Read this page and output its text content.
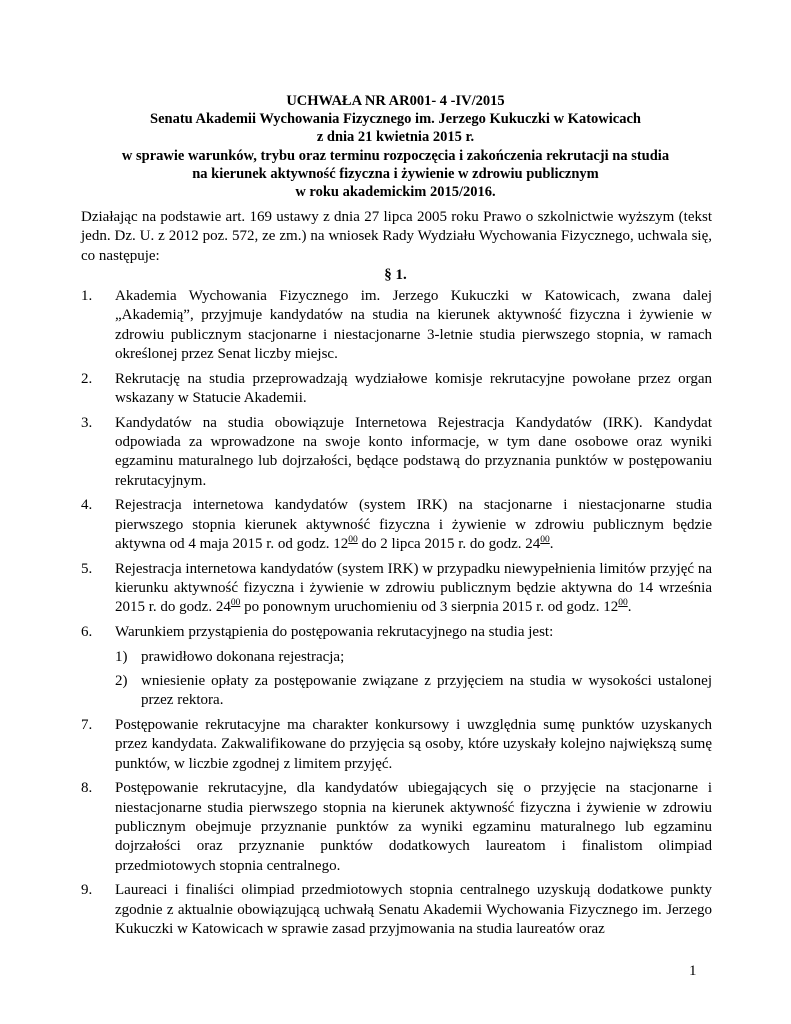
UCHWAŁA NR AR001- 4 -IV/2015
Senatu Akademii Wychowania Fizycznego im. Jerzego Kukuczki w Katowicach
z dnia 21 kwietnia 2015 r.
w sprawie warunków, trybu oraz terminu rozpoczęcia i zakończenia rekrutacji na studia
na kierunek aktywność fizyczna i żywienie w zdrowiu publicznym
w roku akademickim 2015/2016.

Działając na podstawie art. 169 ustawy z dnia 27 lipca 2005 roku Prawo o szkolnictwie wyższym (tekst jedn. Dz. U. z 2012 poz. 572, ze zm.) na wniosek Rady Wydziału Wychowania Fizycznego, uchwala się, co następuje:

§ 1.
1. Akademia Wychowania Fizycznego im. Jerzego Kukuczki w Katowicach, zwana dalej „Akademią”, przyjmuje kandydatów na studia na kierunek aktywność fizyczna i żywienie w zdrowiu publicznym stacjonarne i niestacjonarne 3-letnie studia pierwszego stopnia, w ramach określonej przez Senat liczby miejsc.
2. Rekrutację na studia przeprowadzają wydziałowe komisje rekrutacyjne powołane przez organ wskazany w Statucie Akademii.
3. Kandydatów na studia obowiązuje Internetowa Rejestracja Kandydatów (IRK). Kandydat odpowiada za wprowadzone na swoje konto informacje, w tym dane osobowe oraz wyniki egzaminu maturalnego lub dojrzałości, będące podstawą do przyznania punktów w postępowaniu rekrutacyjnym.
4. Rejestracja internetowa kandydatów (system IRK) na stacjonarne i niestacjonarne studia pierwszego stopnia kierunek aktywność fizyczna i żywienie w zdrowiu publicznym będzie aktywna od 4 maja 2015 r. od godz. $12^{00}$ do 2 lipca 2015 r. do godz. $24^{00}$.
5. Rejestracja internetowa kandydatów (system IRK) w przypadku niewypełnienia limitów przyjęć na kierunku aktywność fizyczna i żywienie w zdrowiu publicznym będzie aktywna do 14 września 2015 r. do godz. $24^{00}$ po ponownym uruchomieniu od 3 sierpnia 2015 r. od godz. $12^{00}$.
6. Warunkiem przystąpienia do postępowania rekrutacyjnego na studia jest:
1) prawidłowo dokonana rejestracja;
2) wniesienie opłaty za postępowanie związane z przyjęciem na studia w wysokości ustalonej przez rektora.
7. Postępowanie rekrutacyjne ma charakter konkursowy i uwzględnia sumę punktów uzyskanych przez kandydata. Zakwalifikowane do przyjęcia są osoby, które uzyskały kolejno największą sumę punktów, w liczbie zgodnej z limitem przyjęć.
8. Postępowanie rekrutacyjne, dla kandydatów ubiegających się o przyjęcie na stacjonarne i niestacjonarne studia pierwszego stopnia na kierunek aktywność fizyczna i żywienie w zdrowiu publicznym obejmuje przyznanie punktów za wyniki egzaminu maturalnego lub egzaminu dojrzałości oraz przyznanie punktów dodatkowych laureatom i finalistom olimpiad przedmiotowych stopnia centralnego.
9. Laureaci i finaliści olimpiad przedmiotowych stopnia centralnego uzyskują dodatkowe punkty zgodnie z aktualnie obowiązującą uchwałą Senatu Akademii Wychowania Fizycznego im. Jerzego Kukuczki w Katowicach w sprawie zasad przyjmowania na studia laureatów oraz
1
